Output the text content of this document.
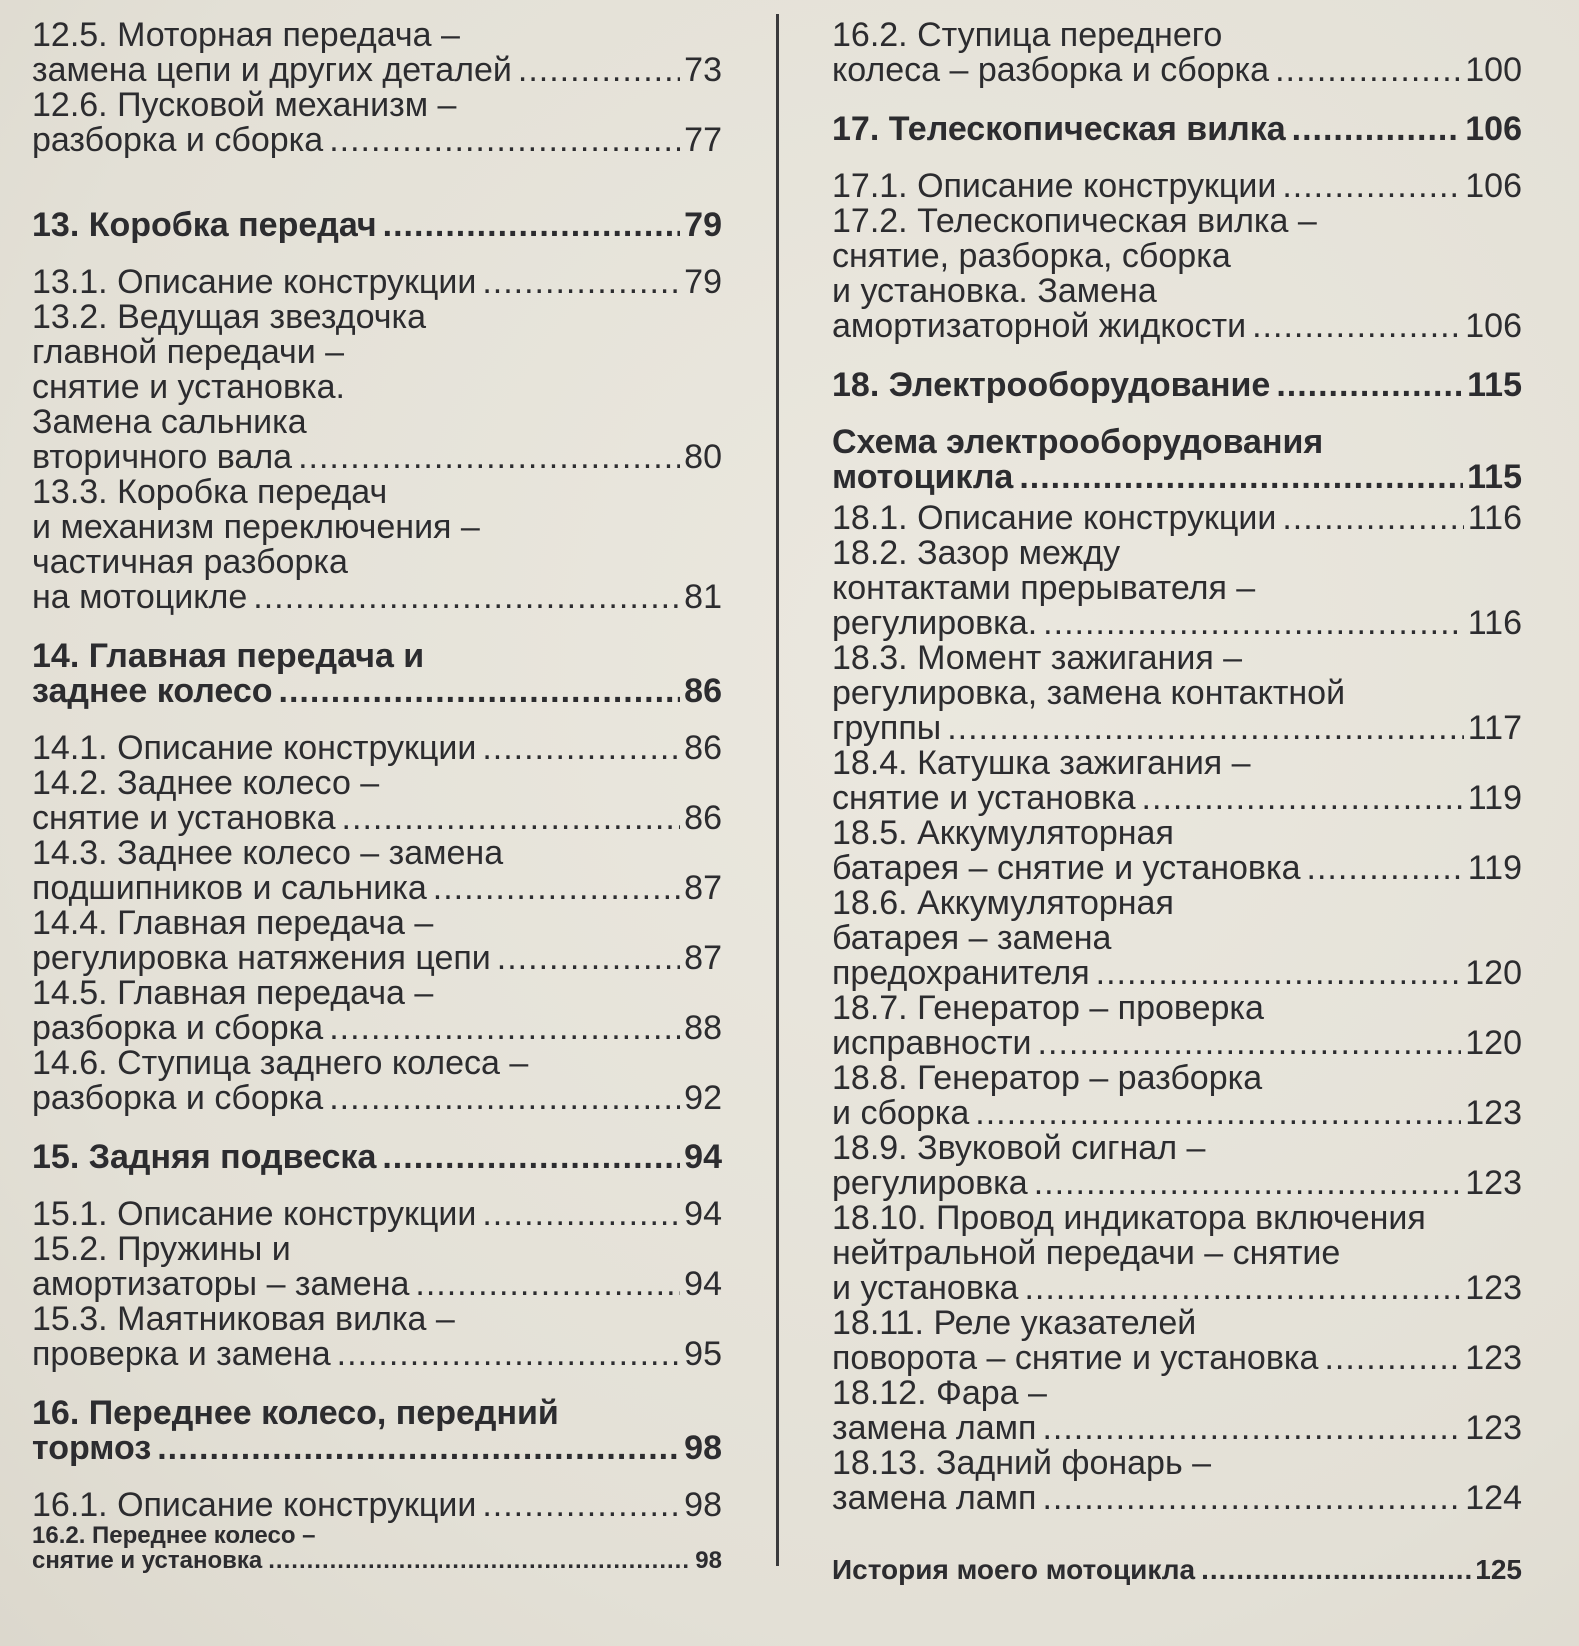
12.5. Моторная передача –
замена цепи и других деталей .....	73
12.6. Пусковой механизм –
разборка и сборка .....	77
13. Коробка передач .....	79
13.1. Описание конструкции .....	79
13.2. Ведущая звездочка
главной передачи –
снятие и установка.
Замена сальника
вторичного вала .....	80
13.3. Коробка передач
и механизм переключения –
частичная разборка
на мотоцикле .....	81
14. Главная передача и
заднее колесо .....	86
14.1. Описание конструкции .....	86
14.2. Заднее колесо –
снятие и установка .....	86
14.3. Заднее колесо – замена
подшипников и сальника .....	87
14.4. Главная передача –
регулировка натяжения цепи .....	87
14.5. Главная передача –
разборка и сборка .....	88
14.6. Ступица заднего колеса –
разборка и сборка .....	92
15. Задняя подвеска .....	94
15.1. Описание конструкции .....	94
15.2. Пружины и
амортизаторы – замена .....	94
15.3. Маятниковая вилка –
проверка и замена .....	95
16. Переднее колесо, передний
тормоз .....	98
16.1. Описание конструкции .....	98
16.2. Переднее колесо –
снятие и установка .....	98
16.2. Ступица переднего
колеса – разборка и сборка .....	100
17. Телескопическая вилка .....	106
17.1. Описание конструкции .....	106
17.2. Телескопическая вилка –
снятие, разборка, сборка
и установка. Замена
амортизаторной жидкости .....	106
18. Электрооборудование .....	115
Схема электрооборудования
мотоцикла .....	115
18.1. Описание конструкции .....	116
18.2. Зазор между
контактами прерывателя –
регулировка. .....	116
18.3. Момент зажигания –
регулировка, замена контактной
группы .....	117
18.4. Катушка зажигания –
снятие и установка .....	119
18.5. Аккумуляторная
батарея – снятие и установка .....	119
18.6. Аккумуляторная
батарея – замена
предохранителя .....	120
18.7. Генератор – проверка
исправности .....	120
18.8. Генератор – разборка
и сборка .....	123
18.9. Звуковой сигнал –
регулировка .....	123
18.10. Провод индикатора включения
нейтральной передачи – снятие
и установка .....	123
18.11. Реле указателей
поворота – снятие и установка .....	123
18.12. Фара –
замена ламп .....	123
18.13. Задний фонарь –
замена ламп .....	124
История моего мотоцикла .....	125
